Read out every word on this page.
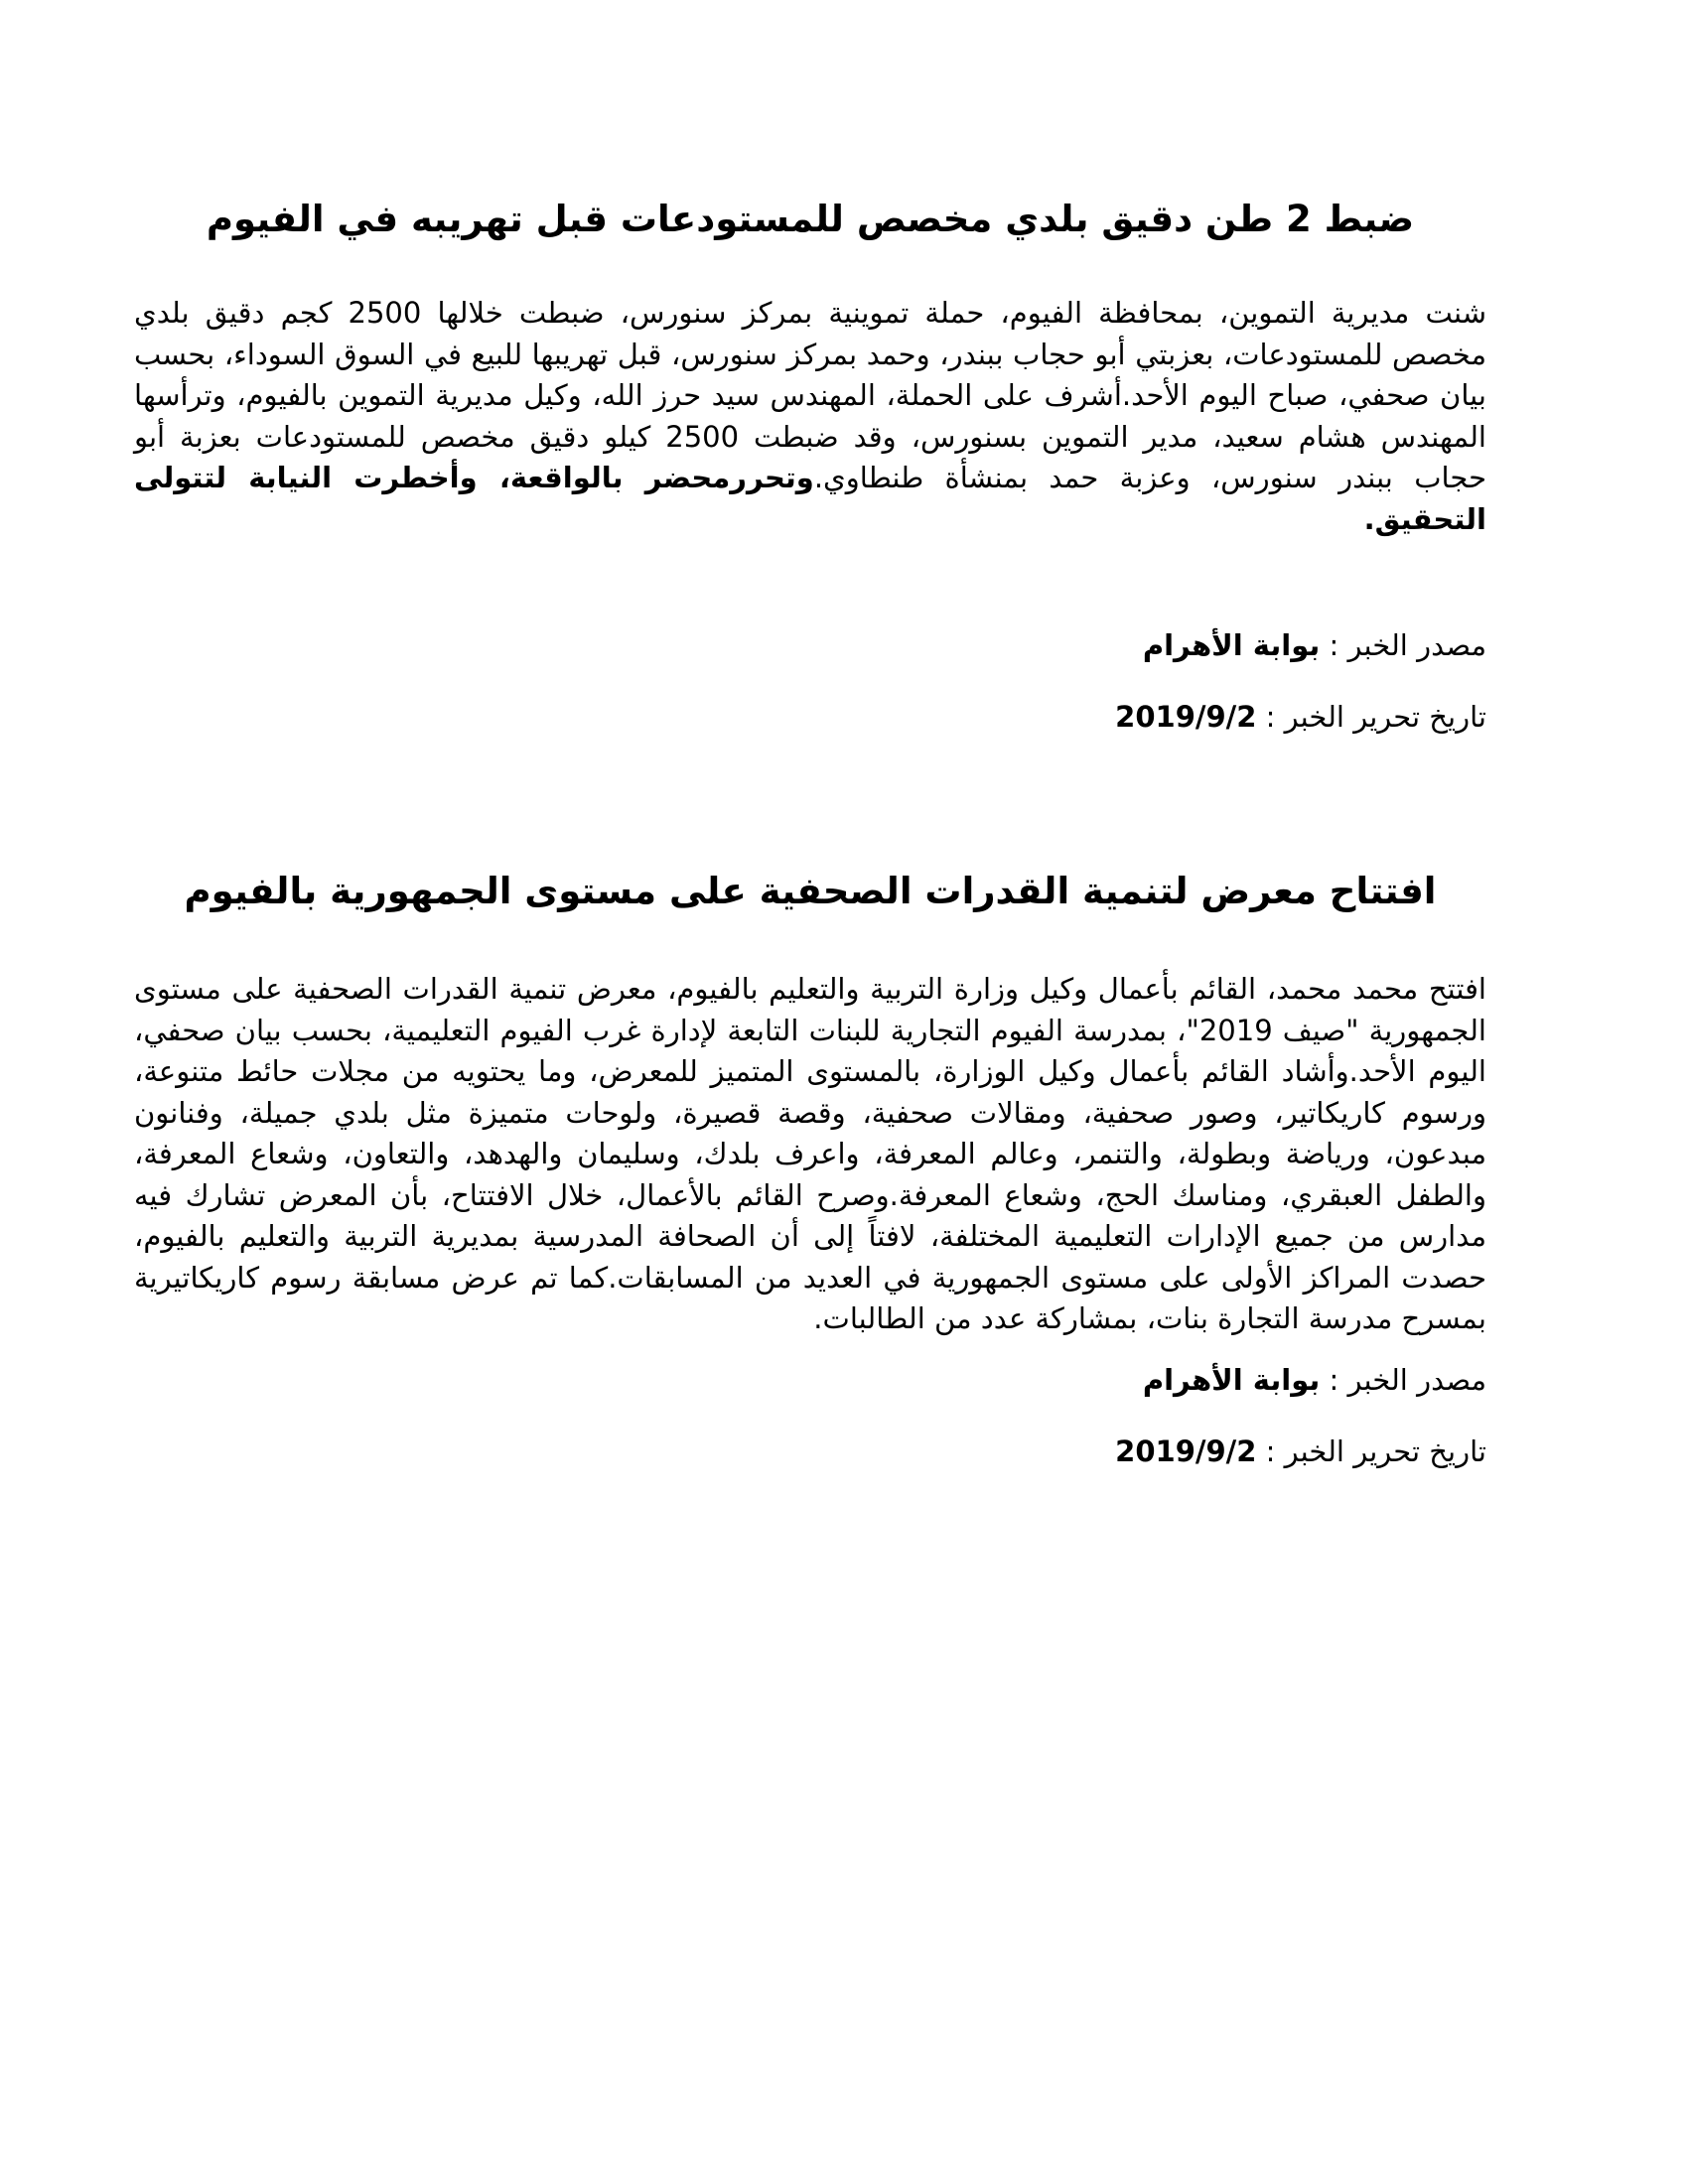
ضبط 2 طن دقيق بلدي مخصص للمستودعات قبل تهريبه في الفيوم

شنت مديرية التموين، بمحافظة الفيوم، حملة تموينية بمركز سنورس، ضبطت خلالها 2500 كجم دقيق بلدي مخصص للمستودعات، بعزبتي أبو حجاب ببندر، وحمد بمركز سنورس، قبل تهريبها للبيع في السوق السوداء، بحسب بيان صحفي، صباح اليوم الأحد.أشرف على الحملة، المهندس سيد حرز الله، وكيل مديرية التموين بالفيوم، وترأسها المهندس هشام سعيد، مدير التموين بسنورس، وقد ضبطت 2500 كيلو دقيق مخصص للمستودعات بعزبة أبو حجاب ببندر سنورس، وعزبة حمد بمنشأة طنطاوي.وتحررمحضر بالواقعة، وأخطرت النيابة لتتولى التحقيق.

مصدر الخبر : بوابة الأهرام

تاريخ تحرير الخبر : 2019/9/2

افتتاح معرض لتنمية القدرات الصحفية على مستوى الجمهورية بالفيوم

افتتح محمد محمد، القائم بأعمال وكيل وزارة التربية والتعليم بالفيوم، معرض تنمية القدرات الصحفية على مستوى الجمهورية "صيف 2019"، بمدرسة الفيوم التجارية للبنات التابعة لإدارة غرب الفيوم التعليمية، بحسب بيان صحفي، اليوم الأحد.وأشاد القائم بأعمال وكيل الوزارة، بالمستوى المتميز للمعرض، وما يحتويه من مجلات حائط متنوعة، ورسوم كاريكاتير، وصور صحفية، ومقالات صحفية، وقصة قصيرة، ولوحات متميزة مثل بلدي جميلة، وفنانون مبدعون، ورياضة وبطولة، والتنمر، وعالم المعرفة، واعرف بلدك، وسليمان والهدهد، والتعاون، وشعاع المعرفة، والطفل العبقري، ومناسك الحج، وشعاع المعرفة.وصرح القائم بالأعمال، خلال الافتتاح، بأن المعرض تشارك فيه مدارس من جميع الإدارات التعليمية المختلفة، لافتاً إلى أن الصحافة المدرسية بمديرية التربية والتعليم بالفيوم، حصدت المراكز الأولى على مستوى الجمهورية في العديد من المسابقات.كما تم عرض مسابقة رسوم كاريكاتيرية بمسرح مدرسة التجارة بنات، بمشاركة عدد من الطالبات.

مصدر الخبر : بوابة الأهرام

تاريخ تحرير الخبر : 2019/9/2
